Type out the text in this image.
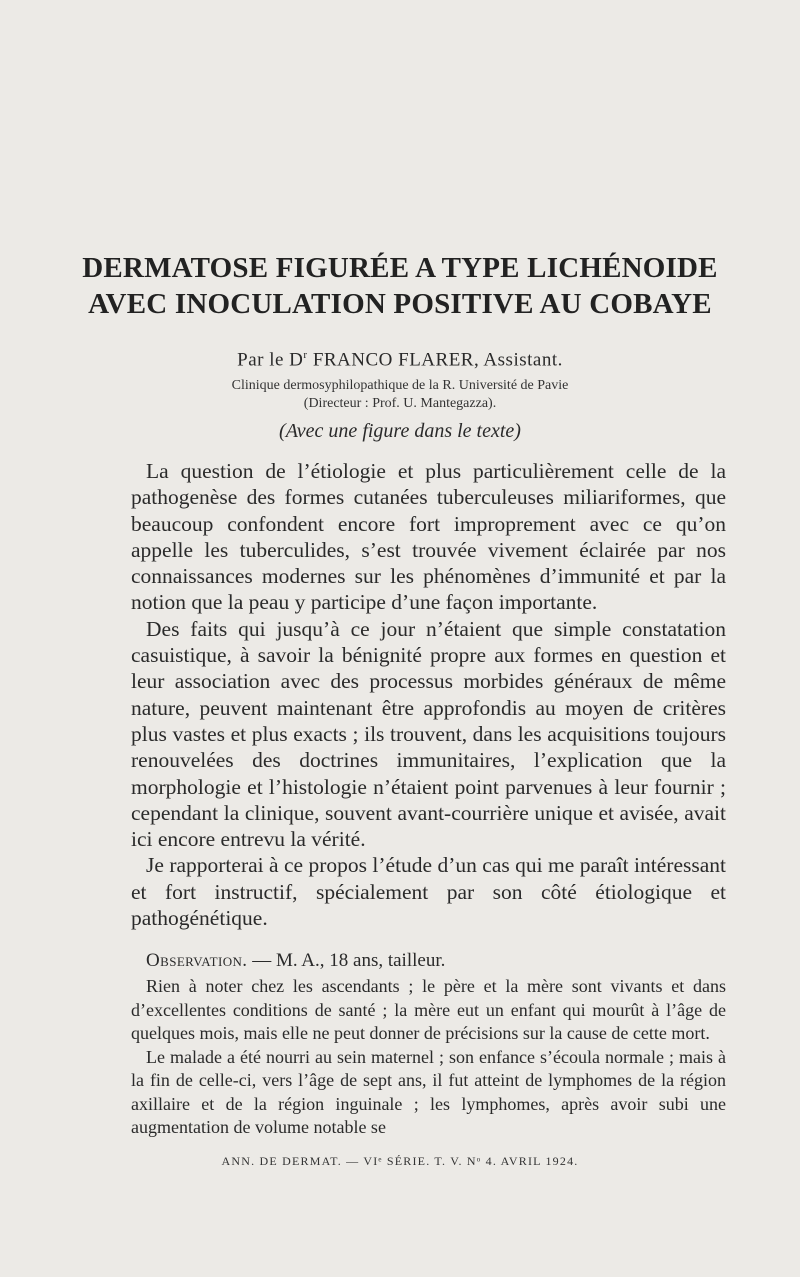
DERMATOSE FIGURÉE A TYPE LICHÉNOIDE
AVEC INOCULATION POSITIVE AU COBAYE

Par le $D^r$ FRANCO FLARER, Assistant.

Clinique dermosyphilopathique de la R. Université de Pavie

(Directeur : Prof. U. Mantegazza).

(Avec une figure dans le texte)

La question de l’étiologie et plus particulièrement celle de la pathogenèse des formes cutanées tuberculeuses miliariformes, que beaucoup confondent encore fort improprement avec ce qu’on appelle les tuberculides, s’est trouvée vivement éclairée par nos connaissances modernes sur les phénomènes d’immunité et par la notion que la peau y participe d’une façon importante.

Des faits qui jusqu’à ce jour n’étaient que simple constatation casuistique, à savoir la bénignité propre aux formes en question et leur association avec des processus morbides généraux de même nature, peuvent maintenant être approfondis au moyen de critères plus vastes et plus exacts ; ils trouvent, dans les acquisitions toujours renouvelées des doctrines immunitaires, l’explication que la morphologie et l’histologie n’étaient point parvenues à leur fournir ; cependant la clinique, souvent avant-courrière unique et avisée, avait ici encore entrevu la vérité.

Je rapporterai à ce propos l’étude d’un cas qui me paraît intéressant et fort instructif, spécialement par son côté étiologique et pathogénétique.

Observation. — M. A., 18 ans, tailleur.

Rien à noter chez les ascendants ; le père et la mère sont vivants et dans d’excellentes conditions de santé ; la mère eut un enfant qui mourût à l’âge de quelques mois, mais elle ne peut donner de précisions sur la cause de cette mort.

Le malade a été nourri au sein maternel ; son enfance s’écoula normale ; mais à la fin de celle-ci, vers l’âge de sept ans, il fut atteint de lymphomes de la région axillaire et de la région inguinale ; les lymphomes, après avoir subi une augmentation de volume notable se

ANN. DE DERMAT. — VIᵉ SÉRIE. T. V. Nᵒ 4. AVRIL 1924.
